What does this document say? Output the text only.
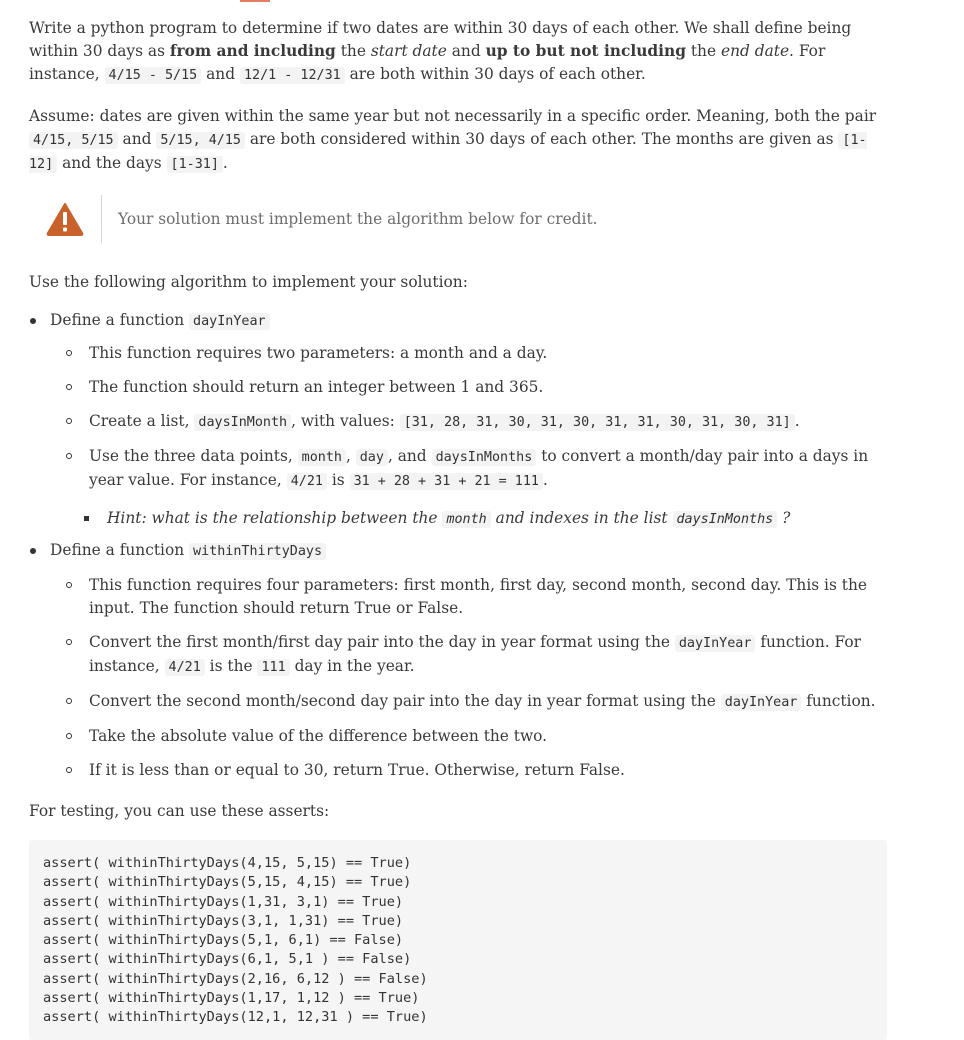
Write a python program to determine if two dates are within 30 days of each other. We shall define being within 30 days as from and including the start date and up to but not including the end date. For instance, 4/15 - 5/15 and 12/1 - 12/31 are both within 30 days of each other.

Assume: dates are given within the same year but not necessarily in a specific order. Meaning, both the pair 4/15, 5/15 and 5/15, 4/15 are both considered within 30 days of each other. The months are given as [1-12] and the days [1-31] .

Your solution must implement the algorithm below for credit.

Use the following algorithm to implement your solution:

Define a function dayInYear
This function requires two parameters: a month and a day.
The function should return an integer between 1 and 365.
Create a list, daysInMonth , with values: [31, 28, 31, 30, 31, 30, 31, 31, 30, 31, 30, 31] .
Use the three data points, month , day , and daysInMonths to convert a month/day pair into a days in year value. For instance, 4/21 is 31 + 28 + 31 + 21 = 111 .
Hint: what is the relationship between the month and indexes in the list daysInMonths ?
Define a function withinThirtyDays
This function requires four parameters: first month, first day, second month, second day. This is the input. The function should return True or False.
Convert the first month/first day pair into the day in year format using the dayInYear function. For instance, 4/21 is the 111 day in the year.
Convert the second month/second day pair into the day in year format using the dayInYear function.
Take the absolute value of the difference between the two.
If it is less than or equal to 30, return True. Otherwise, return False.

For testing, you can use these asserts:

assert( withinThirtyDays(4,15, 5,15) == True)
assert( withinThirtyDays(5,15, 4,15) == True)
assert( withinThirtyDays(1,31, 3,1) == True)
assert( withinThirtyDays(3,1, 1,31) == True)
assert( withinThirtyDays(5,1, 6,1) == False)
assert( withinThirtyDays(6,1, 5,1 ) == False)
assert( withinThirtyDays(2,16, 6,12 ) == False)
assert( withinThirtyDays(1,17, 1,12 ) == True)
assert( withinThirtyDays(12,1, 12,31 ) == True)
